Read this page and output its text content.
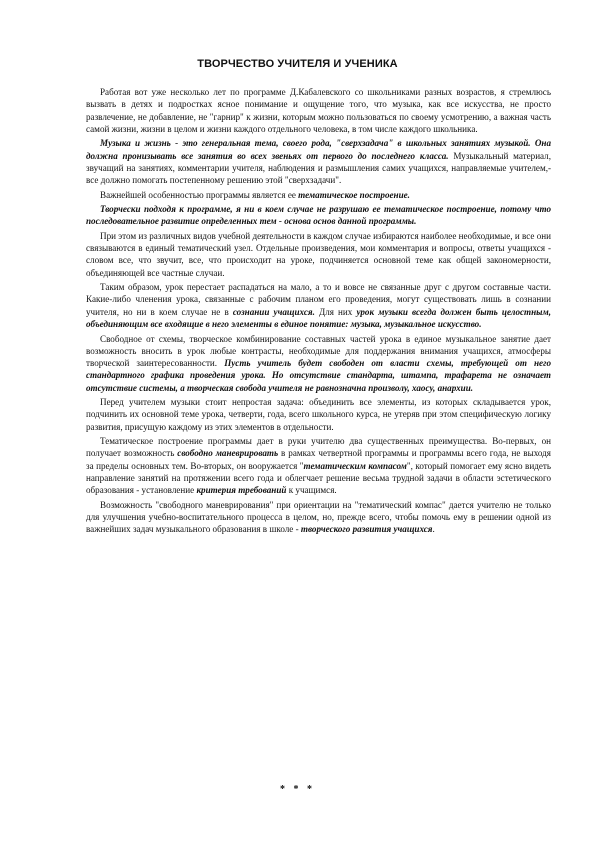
ТВОРЧЕСТВО УЧИТЕЛЯ И УЧЕНИКА

Работая вот уже несколько лет по программе Д.Кабалевского со школьниками разных возрастов, я стремлюсь вызвать в детях и подростках ясное понимание и ощущение того, что музыка, как все искусства, не просто развлечение, не добавление, не "гарнир" к жизни, которым можно пользоваться по своему усмотрению, а важная часть самой жизни, жизни в целом и жизни каждого отдельного человека, в том числе каждого школьника.

Музыка и жизнь - это генеральная тема, своего рода, "сверхзадача" в школьных занятиях музыкой. Она должна пронизывать все занятия во всех звеньях от первого до последнего класса. Музыкальный материал, звучащий на занятиях, комментарии учителя, наблюдения и размышления самих учащихся, направляемые учителем,- все должно помогать постепенному решению этой "сверхзадачи".

Важнейшей особенностью программы является ее тематическое построение.

Творчески подходя к программе, я ни в коем случае не разрушаю ее тематическое построение, потому что последовательное развитие определенных тем - основа основ данной программы.

При этом из различных видов учебной деятельности в каждом случае избираются наиболее необходимые, и все они связываются в единый тематический узел. Отдельные произведения, мои комментария и вопросы, ответы учащихся - словом все, что звучит, все, что происходит на уроке, подчиняется основной теме как общей закономерности, объединяющей все частные случаи.

Таким образом, урок перестает распадаться на мало, а то и вовсе не связанные друг с другом составные части. Какие-либо членения урока, связанные с рабочим планом его проведения, могут существовать лишь в сознании учителя, но ни в коем случае не в сознании учащихся. Для них урок музыки всегда должен быть целостным, объединяющим все входящие в него элементы в единое понятие: музыка, музыкальное искусство.

Свободное от схемы, творческое комбинирование составных частей урока в единое музыкальное занятие дает возможность вносить в урок любые контрасты, необходимые для поддержания внимания учащихся, атмосферы творческой заинтересованности. Пусть учитель будет свободен от власти схемы, требующей от него стандартного графика проведения урока. Но отсутствие стандарта, штампа, трафарета не означает отсутствие системы, а творческая свобода учителя не равнозначна произволу, хаосу, анархии.

Перед учителем музыки стоит непростая задача: объединить все элементы, из которых складывается урок, подчинить их основной теме урока, четверти, года, всего школьного курса, не утеряв при этом специфическую логику развития, присущую каждому из этих элементов в отдельности.

Тематическое построение программы дает в руки учителю два существенных преимущества. Во-первых, он получает возможность свободно маневрировать в рамках четвертной программы и программы всего года, не выходя за пределы основных тем. Во-вторых, он вооружается "тематическим компасом", который помогает ему ясно видеть направление занятий на протяжении всего года и облегчает решение весьма трудной задачи в области эстетического образования - установление критерия требований к учащимся.

Возможность "свободного маневрирования" при ориентации на "тематический компас" дается учителю не только для улучшения учебно-воспитательного процесса в целом, но, прежде всего, чтобы помочь ему в решении одной из важнейших задач музыкального образования в школе - творческого развития учащихся.

* * *
